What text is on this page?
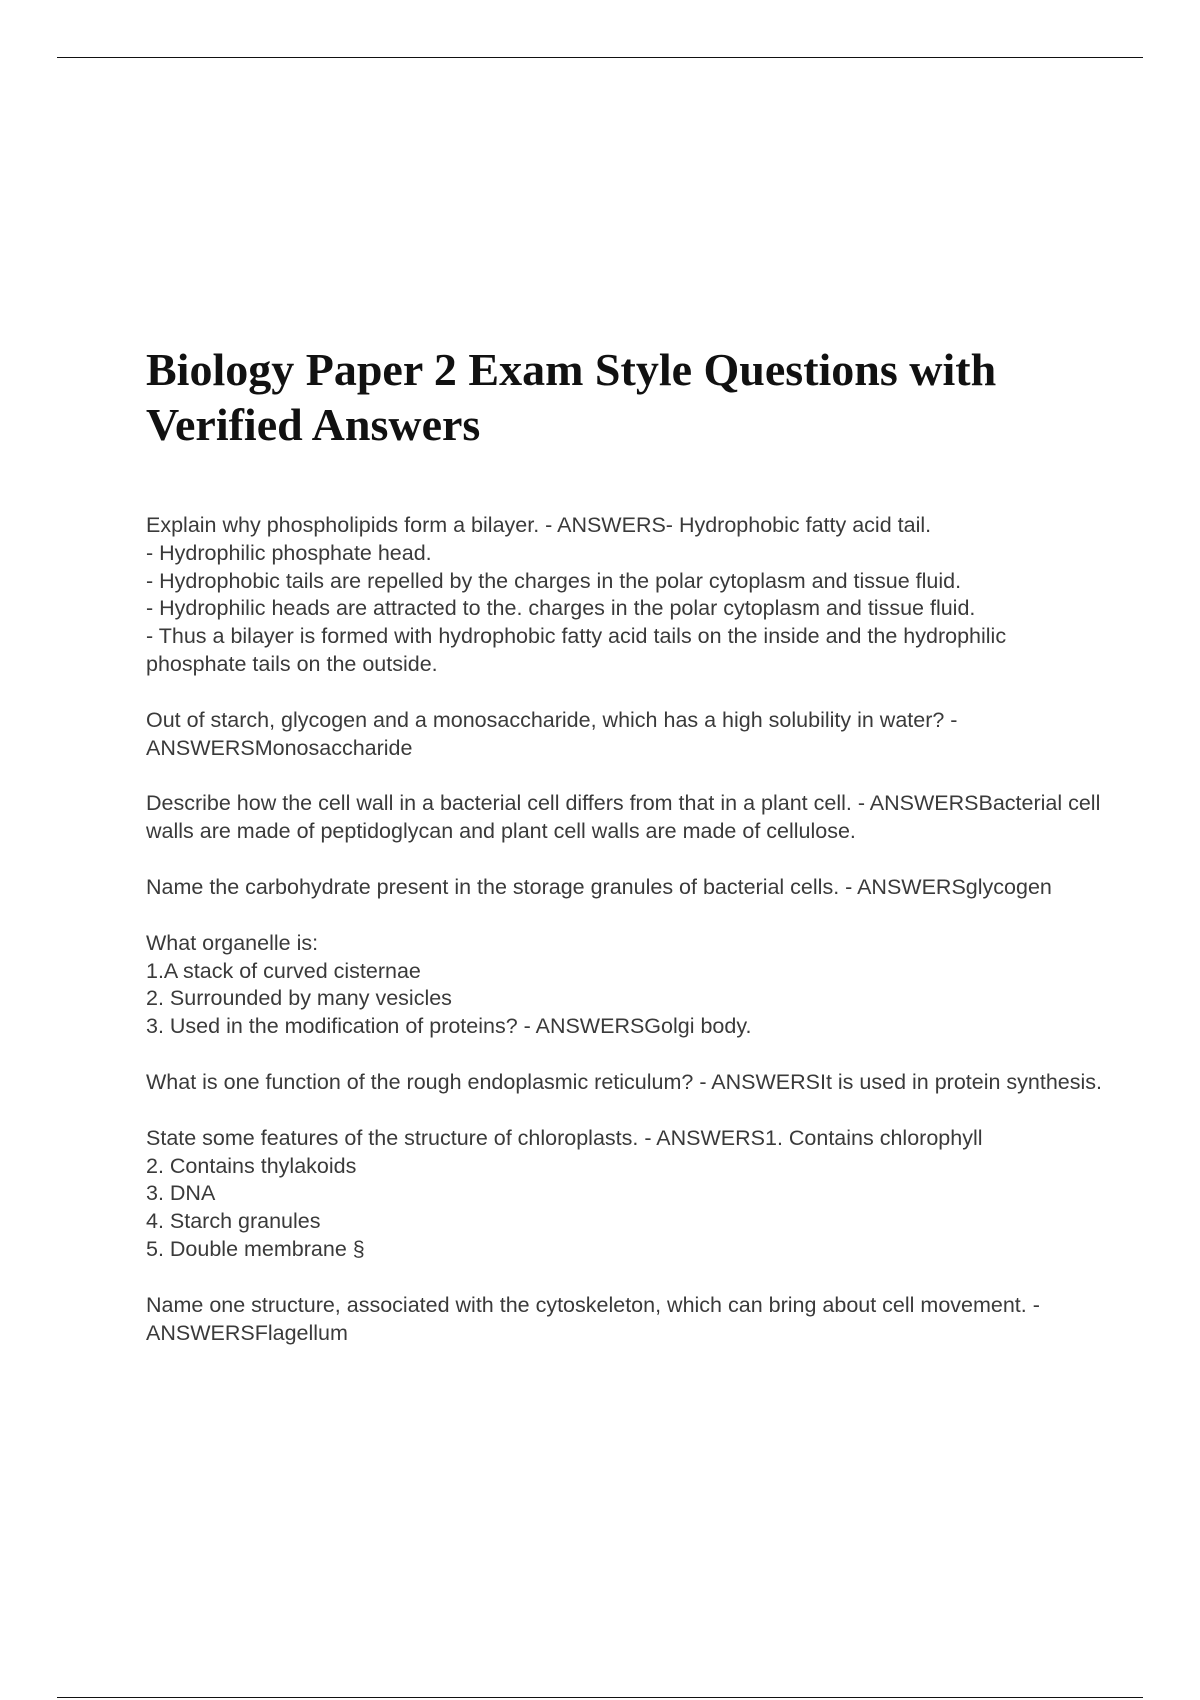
Biology Paper 2 Exam Style Questions with Verified Answers

Explain why phospholipids form a bilayer. - ANSWERS- Hydrophobic fatty acid tail.
- Hydrophilic phosphate head.
- Hydrophobic tails are repelled by the charges in the polar cytoplasm and tissue fluid.
- Hydrophilic heads are attracted to the. charges in the polar cytoplasm and tissue fluid.
- Thus a bilayer is formed with hydrophobic fatty acid tails on the inside and the hydrophilic phosphate tails on the outside.

Out of starch, glycogen and a monosaccharide, which has a high solubility in water? - ANSWERSMonosaccharide

Describe how the cell wall in a bacterial cell differs from that in a plant cell. - ANSWERSBacterial cell walls are made of peptidoglycan and plant cell walls are made of cellulose.

Name the carbohydrate present in the storage granules of bacterial cells. - ANSWERSglycogen

What organelle is:
1.A stack of curved cisternae
2. Surrounded by many vesicles
3. Used in the modification of proteins? - ANSWERSGolgi body.

What is one function of the rough endoplasmic reticulum? - ANSWERSIt is used in protein synthesis.

State some features of the structure of chloroplasts. - ANSWERS1. Contains chlorophyll
2. Contains thylakoids
3. DNA
4. Starch granules
5. Double membrane §

Name one structure, associated with the cytoskeleton, which can bring about cell movement. - ANSWERSFlagellum
